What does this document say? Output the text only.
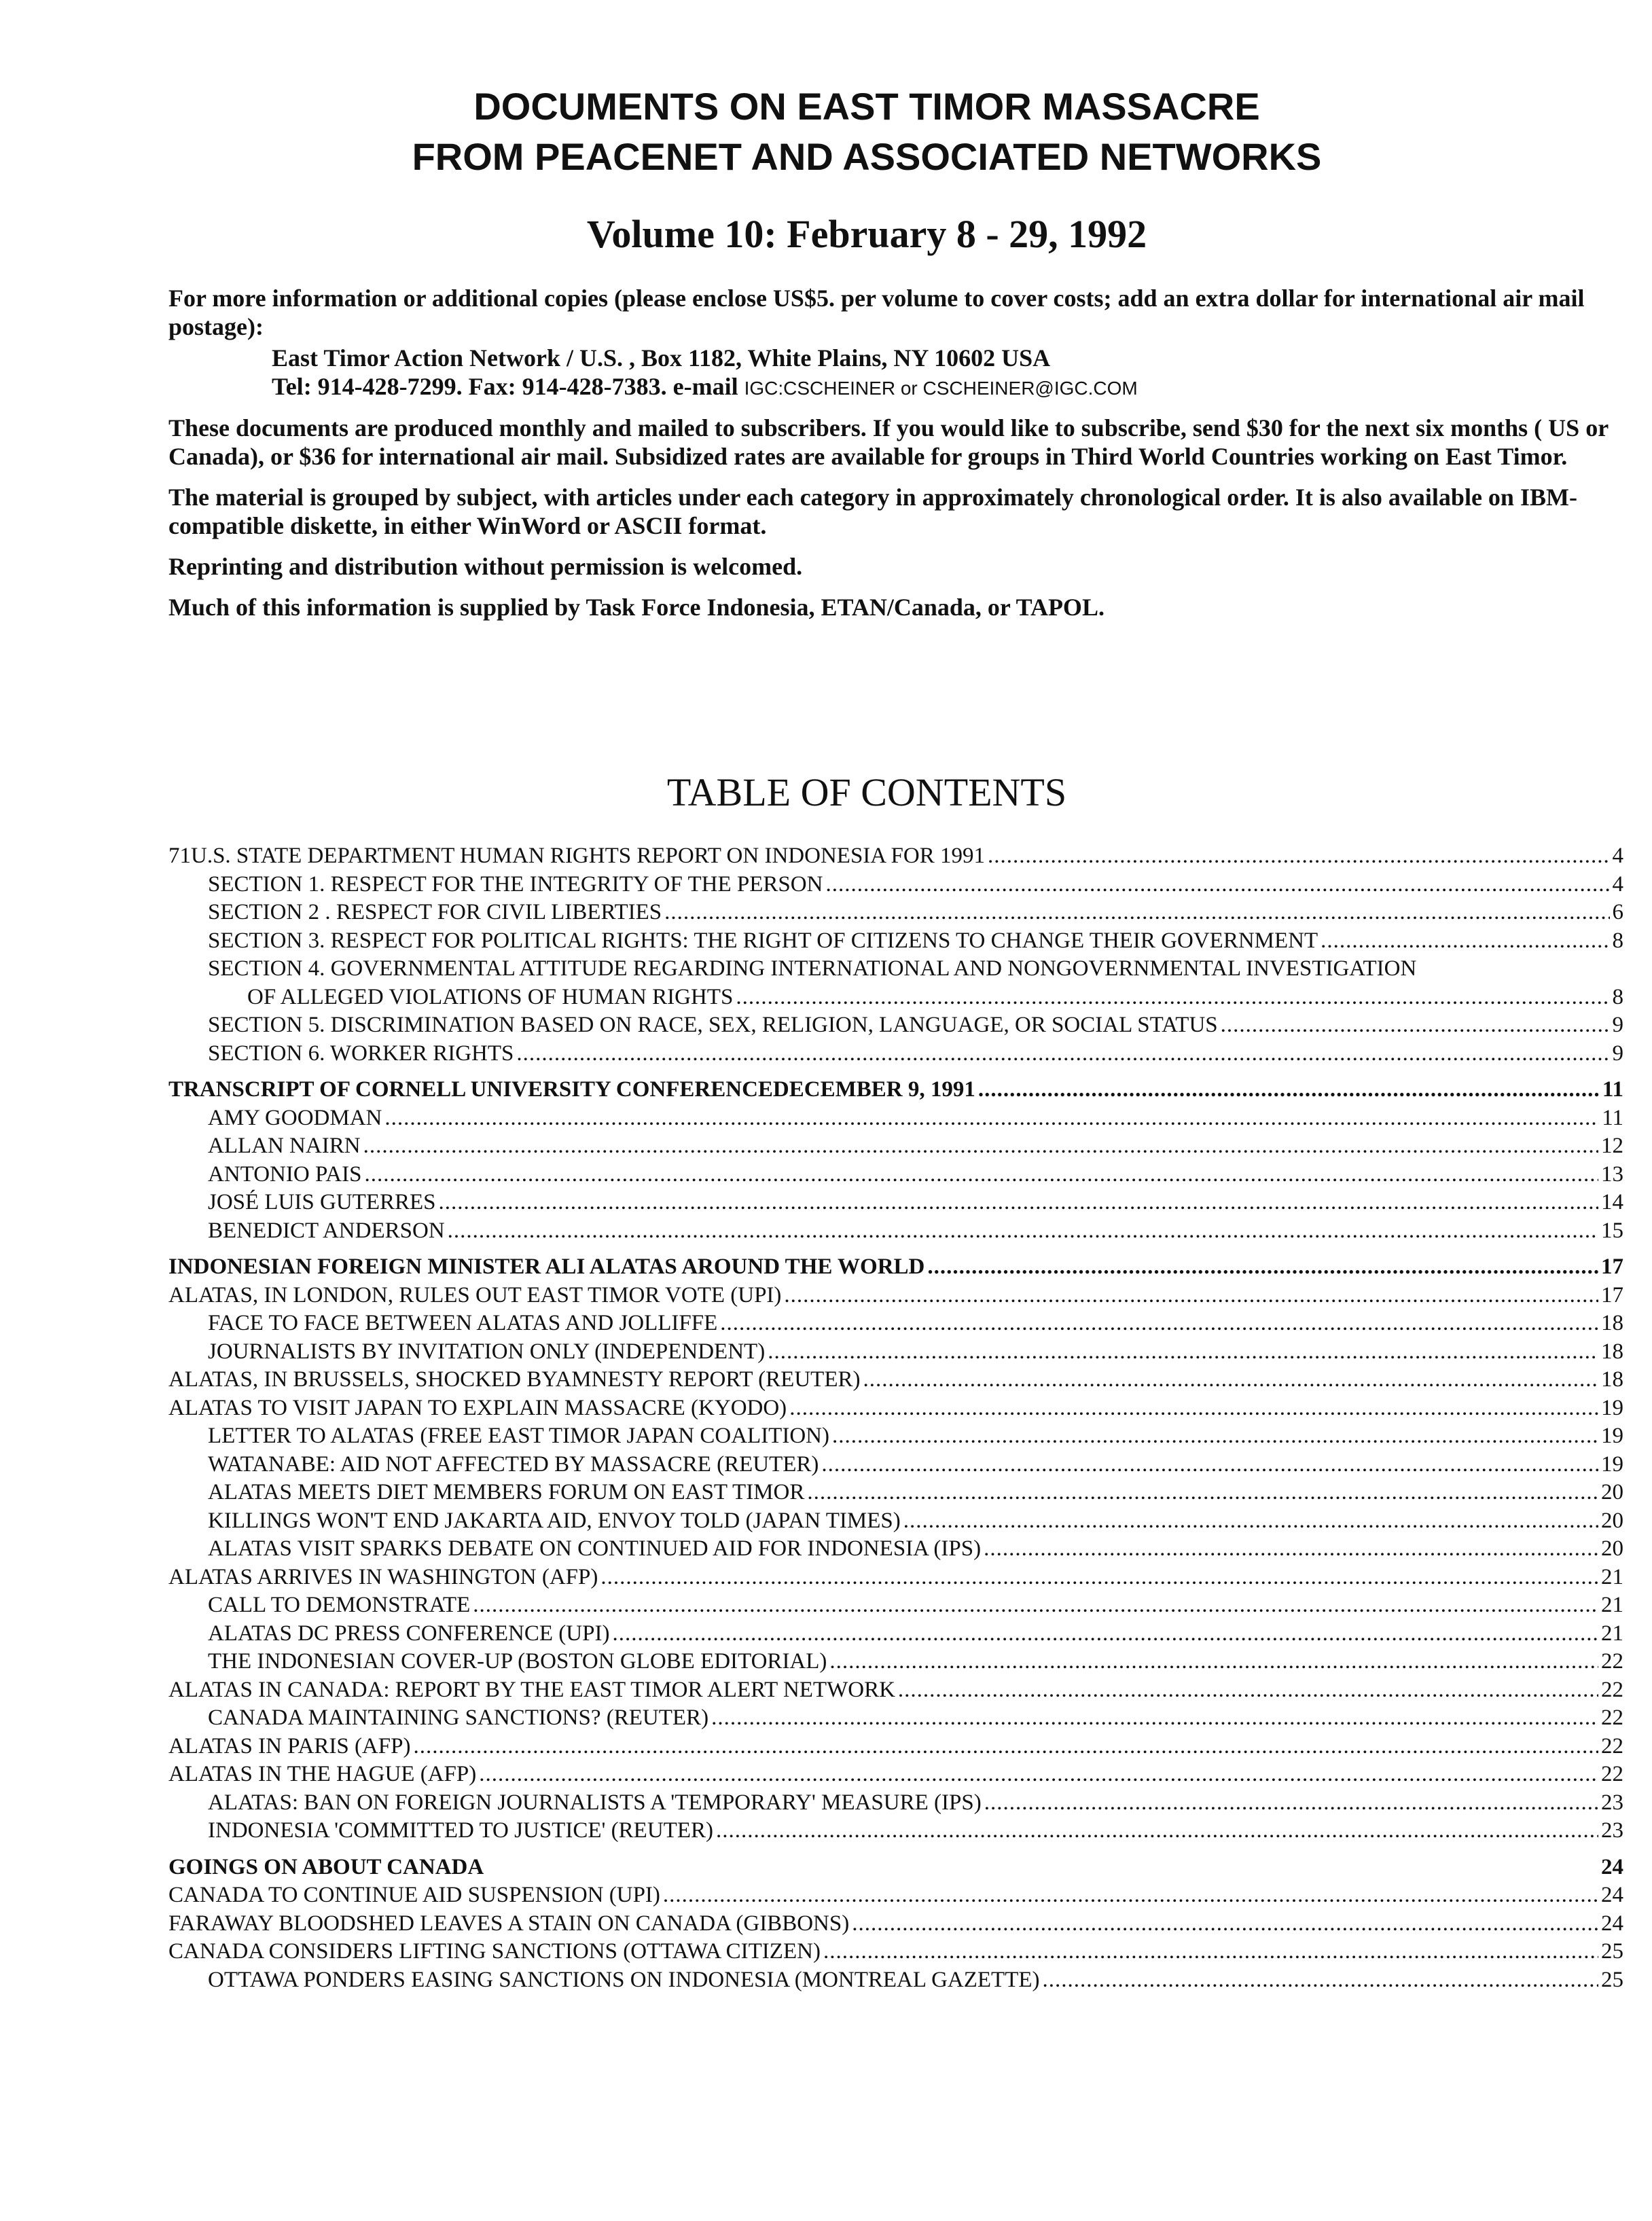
DOCUMENTS ON EAST TIMOR MASSACRE
FROM PEACENET AND ASSOCIATED NETWORKS
Volume 10: February 8 - 29, 1992

For more information or additional copies (please enclose US$5. per volume to cover costs; add an extra dollar for international air mail postage):

East Timor Action Network / U.S. , Box 1182, White Plains, NY 10602 USA
Tel: 914-428-7299. Fax: 914-428-7383. e-mail IGC:CSCHEINER or CSCHEINER@IGC.COM

These documents are produced monthly and mailed to subscribers. If you would like to subscribe, send $30 for the next six months ( US or Canada), or $36 for international air mail. Subsidized rates are available for groups in Third World Countries working on East Timor.

The material is grouped by subject, with articles under each category in approximately chronological order. It is also available on IBM-compatible diskette, in either WinWord or ASCII format.

Reprinting and distribution without permission is welcomed.

Much of this information is supplied by Task Force Indonesia, ETAN/Canada, or TAPOL.

TABLE OF CONTENTS
71U.S. STATE DEPARTMENT HUMAN RIGHTS REPORT ON INDONESIA FOR 1991 .....	4
SECTION 1. RESPECT FOR THE INTEGRITY OF THE PERSON .....	4
SECTION 2 . RESPECT FOR CIVIL LIBERTIES .....	6
SECTION 3. RESPECT FOR POLITICAL RIGHTS: THE RIGHT OF CITIZENS TO CHANGE THEIR GOVERNMENT .....	8
SECTION 4. GOVERNMENTAL ATTITUDE REGARDING INTERNATIONAL AND NONGOVERNMENTAL INVESTIGATION
OF ALLEGED VIOLATIONS OF HUMAN RIGHTS .....	8
SECTION 5. DISCRIMINATION BASED ON RACE, SEX, RELIGION, LANGUAGE, OR SOCIAL STATUS .....	9
SECTION 6. WORKER RIGHTS .....	9
TRANSCRIPT OF CORNELL UNIVERSITY CONFERENCEDECEMBER 9, 1991 .....	11
AMY GOODMAN .....	11
ALLAN NAIRN .....	12
ANTONIO PAIS .....	13
JOSÉ LUIS GUTERRES .....	14
BENEDICT ANDERSON .....	15
INDONESIAN FOREIGN MINISTER ALI ALATAS AROUND THE WORLD .....	17
ALATAS, IN LONDON, RULES OUT EAST TIMOR VOTE (UPI) .....	17
FACE TO FACE BETWEEN ALATAS AND JOLLIFFE .....	18
JOURNALISTS BY INVITATION ONLY (INDEPENDENT) .....	18
ALATAS, IN BRUSSELS, SHOCKED BYAMNESTY REPORT (REUTER) .....	18
ALATAS TO VISIT JAPAN TO EXPLAIN MASSACRE (KYODO) .....	19
LETTER TO ALATAS (FREE EAST TIMOR JAPAN COALITION) .....	19
WATANABE: AID NOT AFFECTED BY MASSACRE (REUTER) .....	19
ALATAS MEETS DIET MEMBERS FORUM ON EAST TIMOR .....	20
KILLINGS WON'T END JAKARTA AID, ENVOY TOLD (JAPAN TIMES) .....	20
ALATAS VISIT SPARKS DEBATE ON CONTINUED AID FOR INDONESIA (IPS) .....	20
ALATAS ARRIVES IN WASHINGTON (AFP) .....	21
CALL TO DEMONSTRATE .....	21
ALATAS DC PRESS CONFERENCE (UPI) .....	21
THE INDONESIAN COVER-UP (BOSTON GLOBE EDITORIAL) .....	22
ALATAS IN CANADA: REPORT BY THE EAST TIMOR ALERT NETWORK .....	22
CANADA MAINTAINING SANCTIONS? (REUTER) .....	22
ALATAS IN PARIS (AFP) .....	22
ALATAS IN THE HAGUE (AFP) .....	22
ALATAS: BAN ON FOREIGN JOURNALISTS A 'TEMPORARY' MEASURE (IPS) .....	23
INDONESIA 'COMMITTED TO JUSTICE' (REUTER) .....	23
GOINGS ON ABOUT CANADA	24
CANADA TO CONTINUE AID SUSPENSION (UPI) .....	24
FARAWAY BLOODSHED LEAVES A STAIN ON CANADA (GIBBONS) .....	24
CANADA CONSIDERS LIFTING SANCTIONS (OTTAWA CITIZEN) .....	25
OTTAWA PONDERS EASING SANCTIONS ON INDONESIA (MONTREAL GAZETTE) .....	25
